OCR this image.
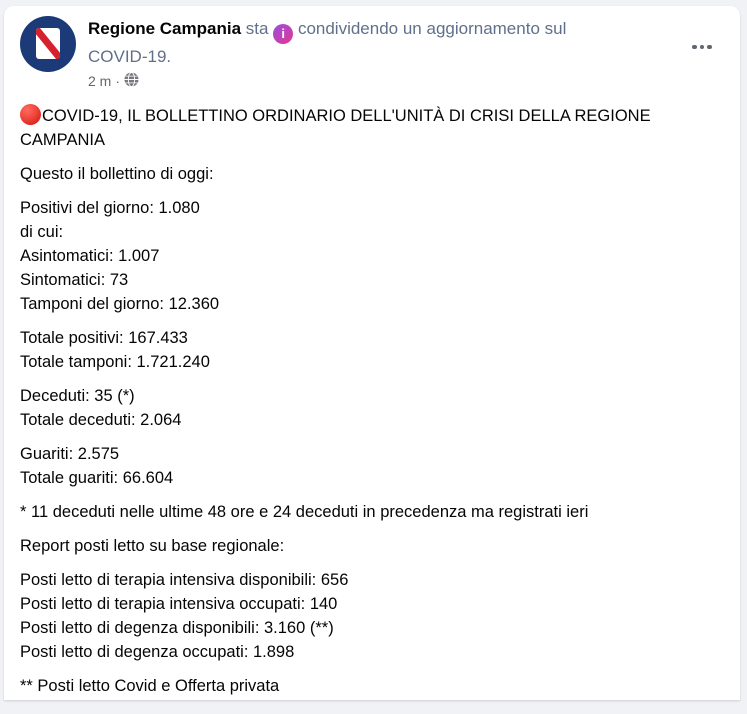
Regione Campania sta i condividendo un aggiornamento sul COVID-19.
2 m ·

COVID-19, IL BOLLETTINO ORDINARIO DELL'UNITÀ DI CRISI DELLA REGIONE CAMPANIA

Questo il bollettino di oggi:

Positivi del giorno: 1.080
di cui:
Asintomatici: 1.007
Sintomatici: 73
Tamponi del giorno: 12.360

Totale positivi: 167.433
Totale tamponi: 1.721.240

Deceduti: 35 (*)
Totale deceduti: 2.064

Guariti: 2.575
Totale guariti: 66.604

* 11 deceduti nelle ultime 48 ore e 24 deceduti in precedenza ma registrati ieri

Report posti letto su base regionale:

Posti letto di terapia intensiva disponibili: 656
Posti letto di terapia intensiva occupati: 140
Posti letto di degenza disponibili: 3.160 (**)
Posti letto di degenza occupati: 1.898

** Posti letto Covid e Offerta privata
